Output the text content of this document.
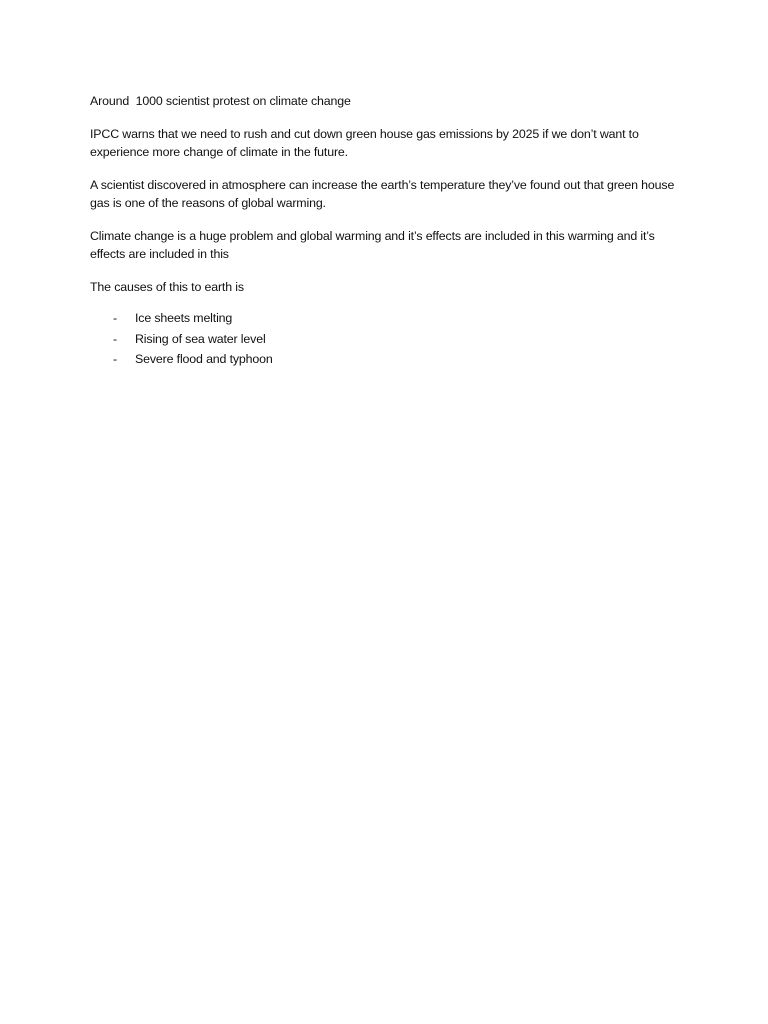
Around  1000 scientist protest on climate change

IPCC warns that we need to rush and cut down green house gas emissions by 2025 if we don’t want to experience more change of climate in the future.

A scientist discovered in atmosphere can increase the earth’s temperature they’ve found out that green house gas is one of the reasons of global warming.

Climate change is a huge problem and global warming and it’s effects are included in this warming and it’s effects are included in this

The causes of this to earth is

- Ice sheets melting
- Rising of sea water level
- Severe flood and typhoon
